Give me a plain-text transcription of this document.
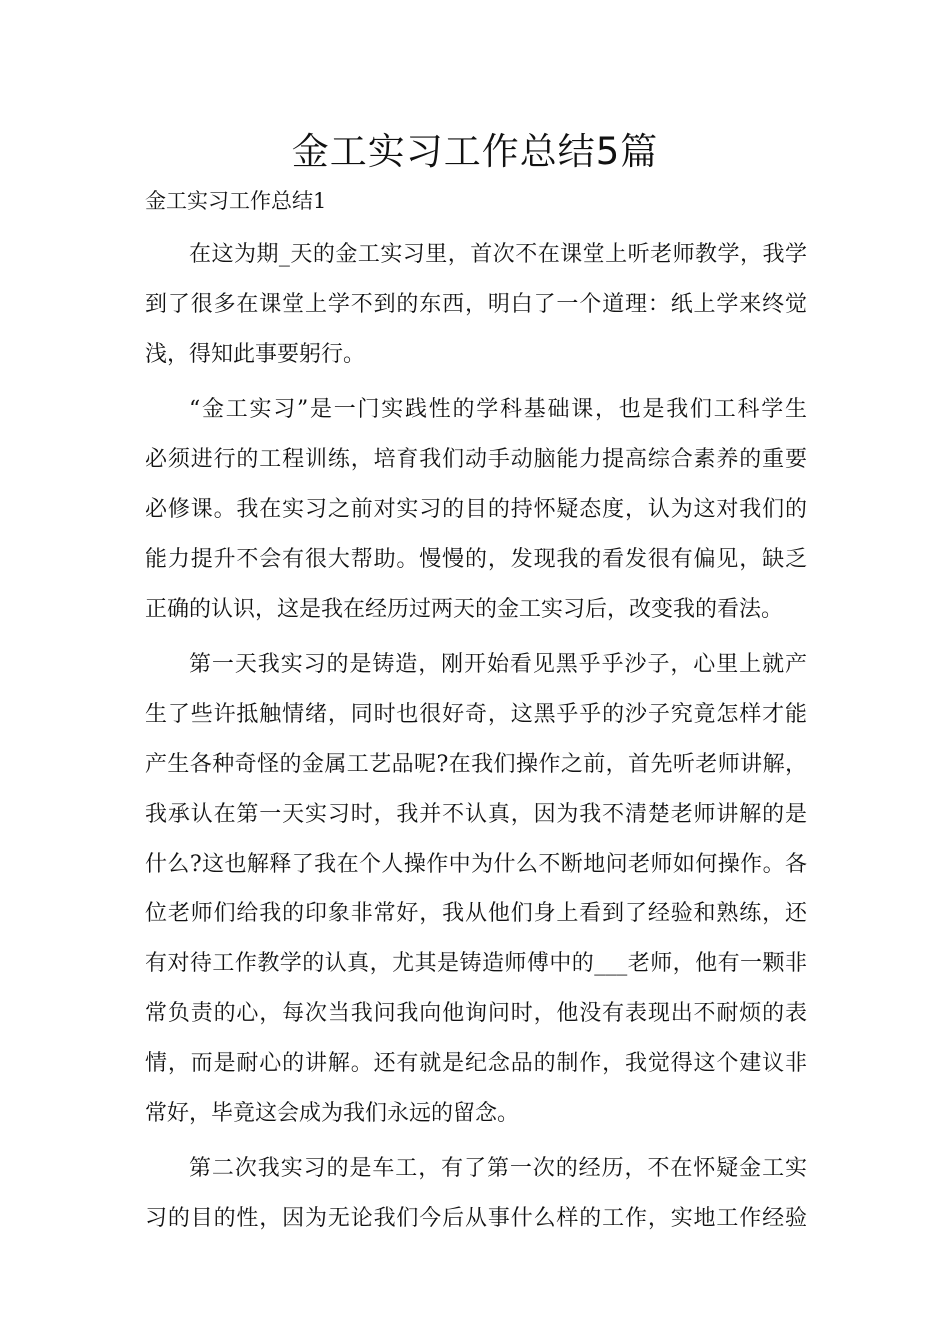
金工实习工作总结5篇
金工实习工作总结1
在这为期_天的金工实习里，首次不在课堂上听老师教学，我学
到了很多在课堂上学不到的东西，明白了一个道理：纸上学来终觉
浅，得知此事要躬行。
“金工实习”是一门实践性的学科基础课，也是我们工科学生
必须进行的工程训练，培育我们动手动脑能力提高综合素养的重要
必修课。我在实习之前对实习的目的持怀疑态度，认为这对我们的
能力提升不会有很大帮助。慢慢的，发现我的看发很有偏见，缺乏
正确的认识，这是我在经历过两天的金工实习后，改变我的看法。
第一天我实习的是铸造，刚开始看见黑乎乎沙子，心里上就产
生了些许抵触情绪，同时也很好奇，这黑乎乎的沙子究竟怎样才能
产生各种奇怪的金属工艺品呢?在我们操作之前，首先听老师讲解，
我承认在第一天实习时，我并不认真，因为我不清楚老师讲解的是
什么?这也解释了我在个人操作中为什么不断地问老师如何操作。各
位老师们给我的印象非常好，我从他们身上看到了经验和熟练，还
有对待工作教学的认真，尤其是铸造师傅中的___老师，他有一颗非
常负责的心，每次当我问我向他询问时，他没有表现出不耐烦的表
情，而是耐心的讲解。还有就是纪念品的制作，我觉得这个建议非
常好，毕竟这会成为我们永远的留念。
第二次我实习的是车工，有了第一次的经历，不在怀疑金工实
习的目的性，因为无论我们今后从事什么样的工作，实地工作经验
